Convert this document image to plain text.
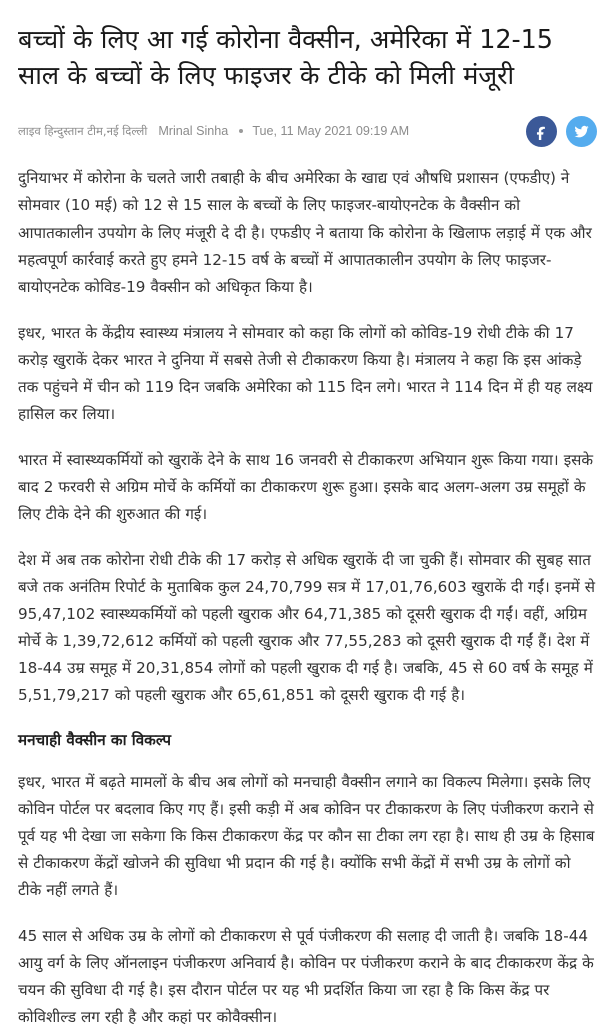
बच्चों के लिए आ गई कोरोना वैक्सीन, अमेरिका में 12-15 साल के बच्चों के लिए फाइजर के टीके को मिली मंजूरी
लाइव हिन्दुस्तान टीम,नई दिल्ली Mrinal Sinha Tue, 11 May 2021 09:19 AM

दुनियाभर में कोरोना के चलते जारी तबाही के बीच अमेरिका के खाद्य एवं औषधि प्रशासन (एफडीए) ने सोमवार (10 मई) को 12 से 15 साल के बच्चों के लिए फाइजर-बायोएनटेक के वैक्सीन को आपातकालीन उपयोग के लिए मंजूरी दे दी है। एफडीए ने बताया कि कोरोना के खिलाफ लड़ाई में एक और महत्वपूर्ण कार्रवाई करते हुए हमने 12-15 वर्ष के बच्चों में आपातकालीन उपयोग के लिए फाइजर-बायोएनटेक कोविड-19 वैक्सीन को अधिकृत किया है।

इधर, भारत के केंद्रीय स्वास्थ्य मंत्रालय ने सोमवार को कहा कि लोगों को कोविड-19 रोधी टीके की 17 करोड़ खुराकें देकर भारत ने दुनिया में सबसे तेजी से टीकाकरण किया है। मंत्रालय ने कहा कि इस आंकड़े तक पहुंचने में चीन को 119 दिन जबकि अमेरिका को 115 दिन लगे। भारत ने 114 दिन में ही यह लक्ष्य हासिल कर लिया।

भारत में स्वास्थ्यकर्मियों को खुराकें देने के साथ 16 जनवरी से टीकाकरण अभियान शुरू किया गया। इसके बाद 2 फरवरी से अग्रिम मोर्चे के कर्मियों का टीकाकरण शुरू हुआ। इसके बाद अलग-अलग उम्र समूहों के लिए टीके देने की शुरुआत की गई।

देश में अब तक कोरोना रोधी टीके की 17 करोड़ से अधिक खुराकें दी जा चुकी हैं। सोमवार की सुबह सात बजे तक अनंतिम रिपोर्ट के मुताबिक कुल 24,70,799 सत्र में 17,01,76,603 खुराकें दी गईं। इनमें से 95,47,102 स्वास्थ्यकर्मियों को पहली खुराक और 64,71,385 को दूसरी खुराक दी गईं। वहीं, अग्रिम मोर्चे के 1,39,72,612 कर्मियों को पहली खुराक और 77,55,283 को दूसरी खुराक दी गईं हैं। देश में 18-44 उम्र समूह में 20,31,854 लोगों को पहली खुराक दी गई है। जबकि, 45 से 60 वर्ष के समूह में 5,51,79,217 को पहली खुराक और 65,61,851 को दूसरी खुराक दी गई है।

मनचाही वैक्सीन का विकल्प

इधर, भारत में बढ़ते मामलों के बीच अब लोगों को मनचाही वैक्सीन लगाने का विकल्प मिलेगा। इसके लिए कोविन पोर्टल पर बदलाव किए गए हैं। इसी कड़ी में अब कोविन पर टीकाकरण के लिए पंजीकरण कराने से पूर्व यह भी देखा जा सकेगा कि किस टीकाकरण केंद्र पर कौन सा टीका लग रहा है। साथ ही उम्र के हिसाब से टीकाकरण केंद्रों खोजने की सुविधा भी प्रदान की गई है। क्योंकि सभी केंद्रों में सभी उम्र के लोगों को टीके नहीं लगते हैं।

45 साल से अधिक उम्र के लोगों को टीकाकरण से पूर्व पंजीकरण की सलाह दी जाती है। जबकि 18-44 आयु वर्ग के लिए ऑनलाइन पंजीकरण अनिवार्य है। कोविन पर पंजीकरण कराने के बाद टीकाकरण केंद्र के चयन की सुविधा दी गई है। इस दौरान पोर्टल पर यह भी प्रदर्शित किया जा रहा है कि किस केंद्र पर कोविशील्ड लग रही है और कहां पर कोवैक्सीन।
